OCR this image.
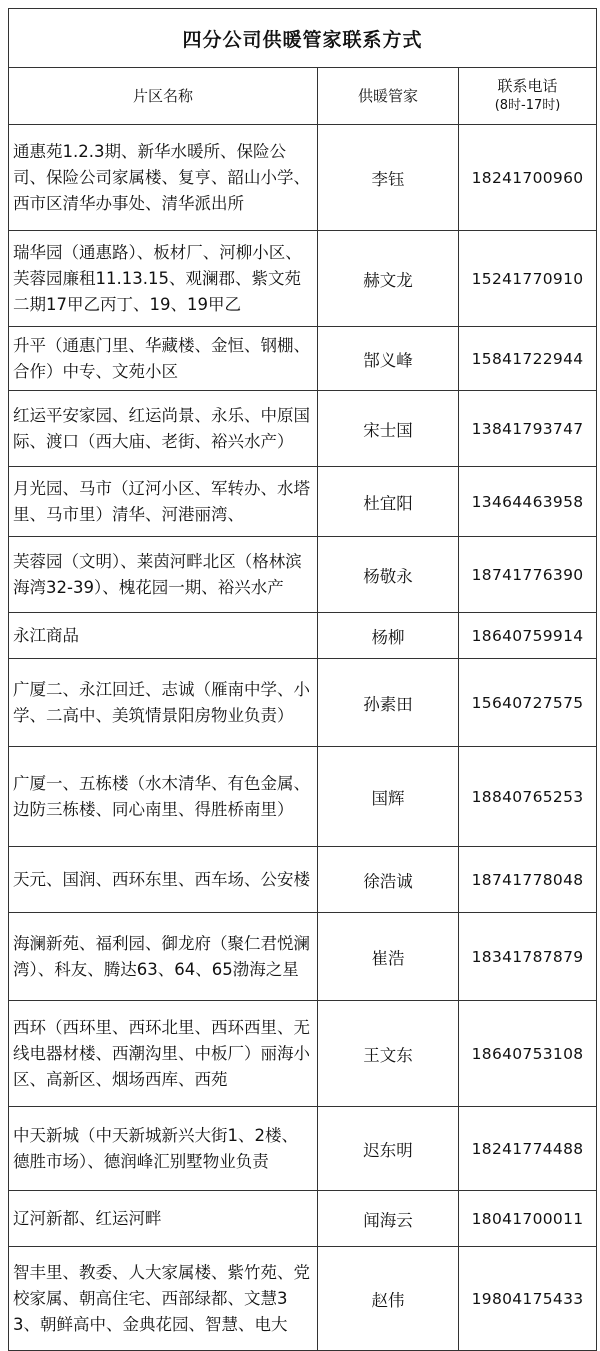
四分公司供暖管家联系方式		
片区名称	供暖管家	联系电话
(8时-17时)

通惠苑1.2.3期、新华水暖所、保险公司、保险公司家属楼、复亨、韶山小学、西市区清华办事处、清华派出所	李钰	18241700960
瑞华园（通惠路）、板材厂、河柳小区、芙蓉园廉租11.13.15、观澜郡、紫文苑二期17甲乙丙丁、19、19甲乙	赫文龙	15241770910
升平（通惠门里、华藏楼、金恒、钢棚、合作）中专、文苑小区	郜义峰	15841722944
红运平安家园、红运尚景、永乐、中原国际、渡口（西大庙、老街、裕兴水产）	宋士国	13841793747
月光园、马市（辽河小区、军转办、水塔里、马市里）清华、河港丽湾、	杜宜阳	13464463958
芙蓉园（文明）、莱茵河畔北区（格林滨海湾32-39）、槐花园一期、裕兴水产	杨敬永	18741776390
永江商品	杨柳	18640759914
广厦二、永江回迁、志诚（雁南中学、小学、二高中、美筑情景阳房物业负责）	孙素田	15640727575
广厦一、五栋楼（水木清华、有色金属、边防三栋楼、同心南里、得胜桥南里）	国辉	18840765253
天元、国润、西环东里、西车场、公安楼	徐浩诚	18741778048
海澜新苑、福利园、御龙府（聚仁君悦澜湾）、科友、腾达63、64、65渤海之星	崔浩	18341787879
西环（西环里、西环北里、西环西里、无线电器材楼、西潮沟里、中板厂）丽海小区、高新区、烟场西库、西苑	王文东	18640753108
中天新城（中天新城新兴大街1、2楼、德胜市场）、德润峰汇别墅物业负责	迟东明	18241774488
辽河新都、红运河畔	闻海云	18041700011
智丰里、教委、人大家属楼、紫竹苑、党校家属、朝高住宅、西部绿都、文慧33、朝鲜高中、金典花园、智慧、电大	赵伟	19804175433
